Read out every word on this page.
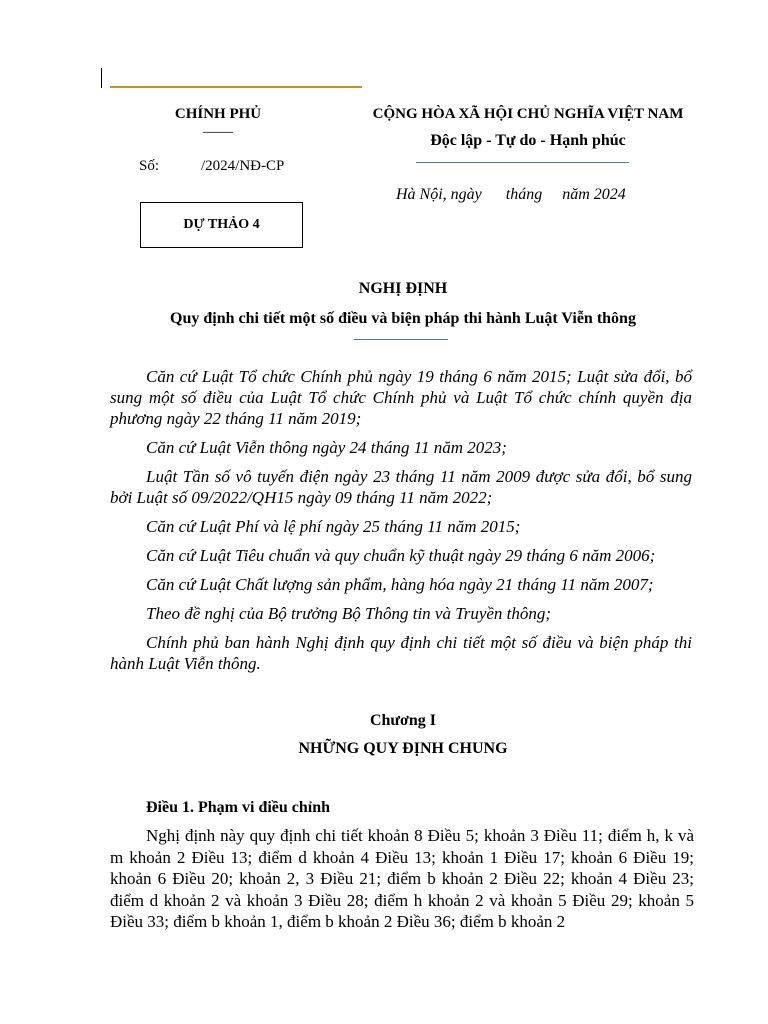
CHÍNH PHỦ
——
Số:	/2024/NĐ-CP
CỘNG HÒA XÃ HỘI CHỦ NGHĨA VIỆT NAM
Độc lập - Tự do - Hạnh phúc
Hà Nội, ngày      tháng     năm 2024
DỰ THẢO 4
NGHỊ ĐỊNH
Quy định chi tiết một số điều và biện pháp thi hành Luật Viễn thông

Căn cứ Luật Tổ chức Chính phủ ngày 19 tháng 6 năm 2015; Luật sửa đổi, bổ sung một số điều của Luật Tổ chức Chính phủ và Luật Tổ chức chính quyền địa phương ngày 22 tháng 11 năm 2019;

Căn cứ Luật Viễn thông ngày 24 tháng 11 năm 2023;

Luật Tần số vô tuyến điện ngày 23 tháng 11 năm 2009 được sửa đổi, bổ sung bởi Luật số 09/2022/QH15 ngày 09 tháng 11 năm 2022;

Căn cứ Luật Phí và lệ phí ngày 25 tháng 11 năm 2015;

Căn cứ Luật Tiêu chuẩn và quy chuẩn kỹ thuật ngày 29 tháng 6 năm 2006;

Căn cứ Luật Chất lượng sản phẩm, hàng hóa ngày 21 tháng 11 năm 2007;

Theo đề nghị của Bộ trưởng Bộ Thông tin và Truyền thông;

Chính phủ ban hành Nghị định quy định chi tiết một số điều và biện pháp thi hành Luật Viễn thông.

Chương I
NHỮNG QUY ĐỊNH CHUNG
Điều 1. Phạm vi điều chỉnh
Nghị định này quy định chi tiết khoản 8 Điều 5; khoản 3 Điều 11; điểm h, k và m khoản 2 Điều 13; điểm d khoản 4 Điều 13; khoản 1 Điều 17; khoản 6 Điều 19; khoản 6 Điều 20; khoản 2, 3 Điều 21; điểm b khoản 2 Điều 22; khoản 4 Điều 23; điểm d khoản 2 và khoản 3 Điều 28; điểm h khoản 2 và khoản 5 Điều 29; khoản 5 Điều 33; điểm b khoản 1, điểm b khoản 2 Điều 36; điểm b khoản 2
